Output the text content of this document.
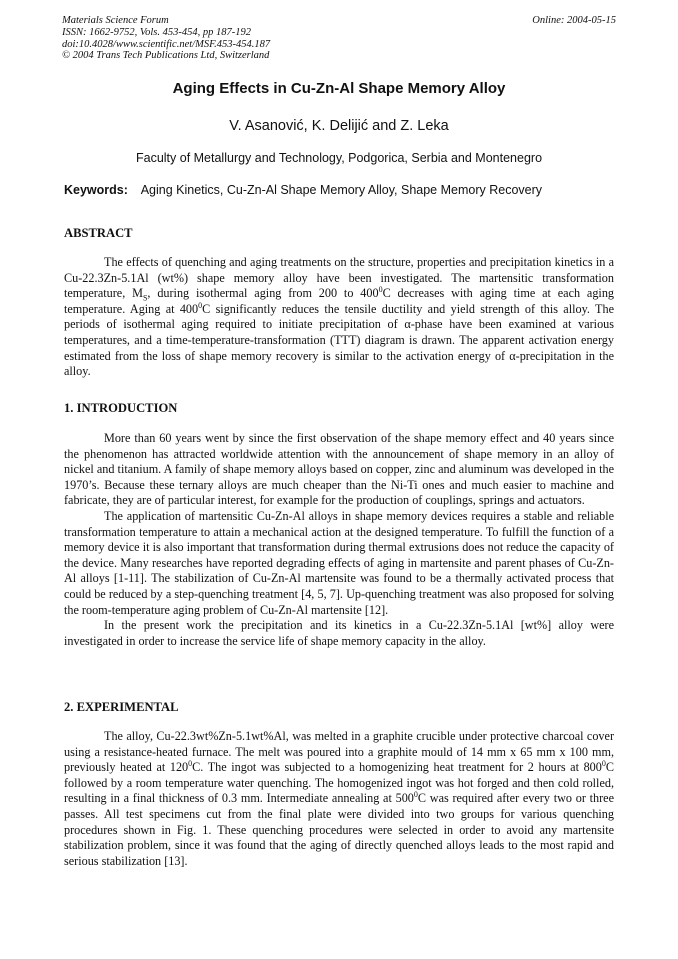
Materials Science Forum
ISSN: 1662-9752, Vols. 453-454, pp 187-192
doi:10.4028/www.scientific.net/MSF.453-454.187
© 2004 Trans Tech Publications Ltd, Switzerland
Online: 2004-05-15
Aging Effects in Cu-Zn-Al Shape Memory Alloy
V. Asanović, K. Delijić and Z. Leka
Faculty of Metallurgy and Technology, Podgorica, Serbia and Montenegro
Keywords: Aging Kinetics, Cu-Zn-Al Shape Memory Alloy, Shape Memory Recovery
ABSTRACT

The effects of quenching and aging treatments on the structure, properties and precipitation kinetics in a Cu-22.3Zn-5.1Al (wt%) shape memory alloy have been investigated. The martensitic transformation temperature, $M_S$, during isothermal aging from 200 to $400^0C$ decreases with aging time at each aging temperature. Aging at $400^0C$ significantly reduces the tensile ductility and yield strength of this alloy. The periods of isothermal aging required to initiate precipitation of α-phase have been examined at various temperatures, and a time-temperature-transformation (TTT) diagram is drawn. The apparent activation energy estimated from the loss of shape memory recovery is similar to the activation energy of α-precipitation in the alloy.

1. INTRODUCTION

More than 60 years went by since the first observation of the shape memory effect and 40 years since the phenomenon has attracted worldwide attention with the announcement of shape memory in an alloy of nickel and titanium. A family of shape memory alloys based on copper, zinc and aluminum was developed in the 1970’s. Because these ternary alloys are much cheaper than the Ni-Ti ones and much easier to machine and fabricate, they are of particular interest, for example for the production of couplings, springs and actuators.

The application of martensitic Cu-Zn-Al alloys in shape memory devices requires a stable and reliable transformation temperature to attain a mechanical action at the designed temperature. To fulfill the function of a memory device it is also important that transformation during thermal extrusions does not reduce the capacity of the device. Many researches have reported degrading effects of aging in martensite and parent phases of Cu-Zn-Al alloys [1-11]. The stabilization of Cu-Zn-Al martensite was found to be a thermally activated process that could be reduced by a step-quenching treatment [4, 5, 7]. Up-quenching treatment was also proposed for solving the room-temperature aging problem of Cu-Zn-Al martensite [12].

In the present work the precipitation and its kinetics in a Cu-22.3Zn-5.1Al [wt%] alloy were investigated in order to increase the service life of shape memory capacity in the alloy.

2. EXPERIMENTAL

The alloy, Cu-22.3wt%Zn-5.1wt%Al, was melted in a graphite crucible under protective charcoal cover using a resistance-heated furnace. The melt was poured into a graphite mould of 14 mm x 65 mm x 100 mm, previously heated at $120^0C$. The ingot was subjected to a homogenizing heat treatment for 2 hours at $800^0C$ followed by a room temperature water quenching. The homogenized ingot was hot forged and then cold rolled, resulting in a final thickness of 0.3 mm. Intermediate annealing at $500^0C$ was required after every two or three passes. All test specimens cut from the final plate were divided into two groups for various quenching procedures shown in Fig. 1. These quenching procedures were selected in order to avoid any martensite stabilization problem, since it was found that the aging of directly quenched alloys leads to the most rapid and serious stabilization [13].
